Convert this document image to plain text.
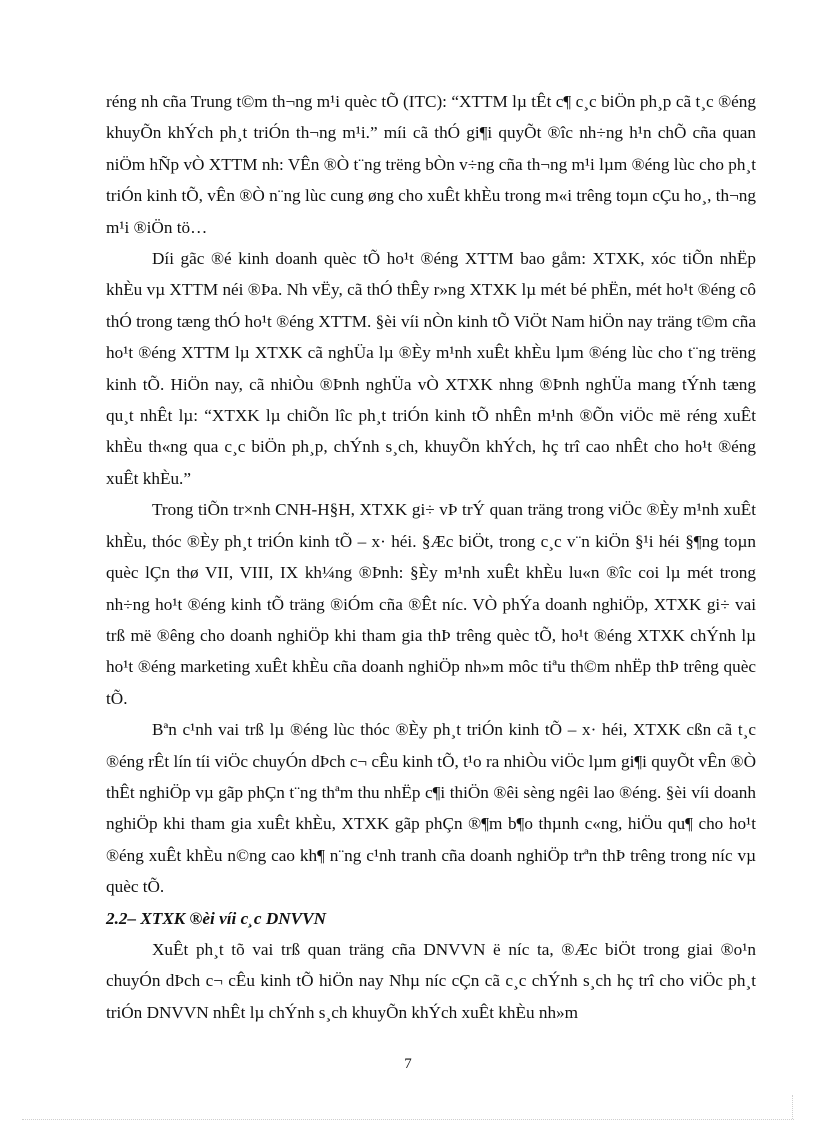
réng nh cña Trung t©m th¬ng m¹i quèc tÕ (ITC): “XTTM lµ tÊt c¶ c¸c biÖn ph¸p cã t¸c ®éng khuyÕn khÝch ph¸t triÓn th¬ng m¹i.” míi cã thÓ gi¶i quyÕt ®îc nh÷ng h¹n chÕ cña quan niÖm hÑp vÒ XTTM nh: VÊn ®Ò t¨ng trëng bÒn v÷ng cña th¬ng m¹i lµm ®éng lùc cho ph¸t triÓn kinh tÕ, vÊn ®Ò n¨ng lùc cung øng cho xuÊt khÈu trong m«i trêng toµn cÇu ho¸, th¬ng m¹i ®iÖn tö…

Díi gãc ®é kinh doanh quèc tÕ ho¹t ®éng XTTM bao gåm: XTXK, xóc tiÕn nhËp khÈu vµ XTTM néi ®Þa. Nh vËy, cã thÓ thÊy r»ng XTXK lµ mét bé phËn, mét ho¹t ®éng cô thÓ trong tæng thÓ ho¹t ®éng XTTM. §èi víi nÒn kinh tÕ ViÖt Nam hiÖn nay träng t©m cña ho¹t ®éng XTTM lµ XTXK cã nghÜa lµ ®Èy m¹nh xuÊt khÈu lµm ®éng lùc cho t¨ng trëng kinh tÕ. HiÖn nay, cã nhiÒu ®Þnh nghÜa vÒ XTXK nhng ®Þnh nghÜa mang tÝnh tæng qu¸t nhÊt lµ: “XTXK lµ chiÕn lîc ph¸t triÓn kinh tÕ nhÊn m¹nh ®Õn viÖc më réng xuÊt khÈu th«ng qua c¸c biÖn ph¸p, chÝnh s¸ch, khuyÕn khÝch, hç trî cao nhÊt cho ho¹t ®éng xuÊt khÈu.”

Trong tiÕn tr×nh CNH-H§H, XTXK gi÷ vÞ trÝ quan träng trong viÖc ®Èy m¹nh xuÊt khÈu, thóc ®Èy ph¸t triÓn kinh tÕ – x· héi. §Æc biÖt, trong c¸c v¨n kiÖn §¹i héi §¶ng toµn quèc lÇn thø VII, VIII, IX kh¼ng ®Þnh: §Èy m¹nh xuÊt khÈu lu«n ®îc coi lµ mét trong nh÷ng ho¹t ®éng kinh tÕ träng ®iÓm cña ®Êt níc. VÒ phÝa doanh nghiÖp, XTXK gi÷ vai trß më ®êng cho doanh nghiÖp khi tham gia thÞ trêng quèc tÕ, ho¹t ®éng XTXK chÝnh lµ ho¹t ®éng marketing xuÊt khÈu cña doanh nghiÖp nh»m môc tiªu th©m nhËp thÞ trêng quèc tÕ.

Bªn c¹nh vai trß lµ ®éng lùc thóc ®Èy ph¸t triÓn kinh tÕ – x· héi, XTXK cßn cã t¸c ®éng rÊt lín tíi viÖc chuyÓn dÞch c¬ cÊu kinh tÕ, t¹o ra nhiÒu viÖc lµm gi¶i quyÕt vÊn ®Ò thÊt nghiÖp vµ gãp phÇn t¨ng thªm thu nhËp c¶i thiÖn ®êi sèng ngêi lao ®éng. §èi víi doanh nghiÖp khi tham gia xuÊt khÈu, XTXK gãp phÇn ®¶m b¶o thµnh c«ng, hiÖu qu¶ cho ho¹t ®éng xuÊt khÈu n©ng cao kh¶ n¨ng c¹nh tranh cña doanh nghiÖp trªn thÞ trêng trong níc vµ quèc tÕ.

2.2– XTXK ®èi víi c¸c DNVVN

XuÊt ph¸t tõ vai trß quan träng cña DNVVN ë níc ta, ®Æc biÖt trong giai ®o¹n chuyÓn dÞch c¬ cÊu kinh tÕ hiÖn nay Nhµ níc cÇn cã c¸c chÝnh s¸ch hç trî cho viÖc ph¸t triÓn DNVVN nhÊt lµ chÝnh s¸ch khuyÕn khÝch xuÊt khÈu nh»m

7
